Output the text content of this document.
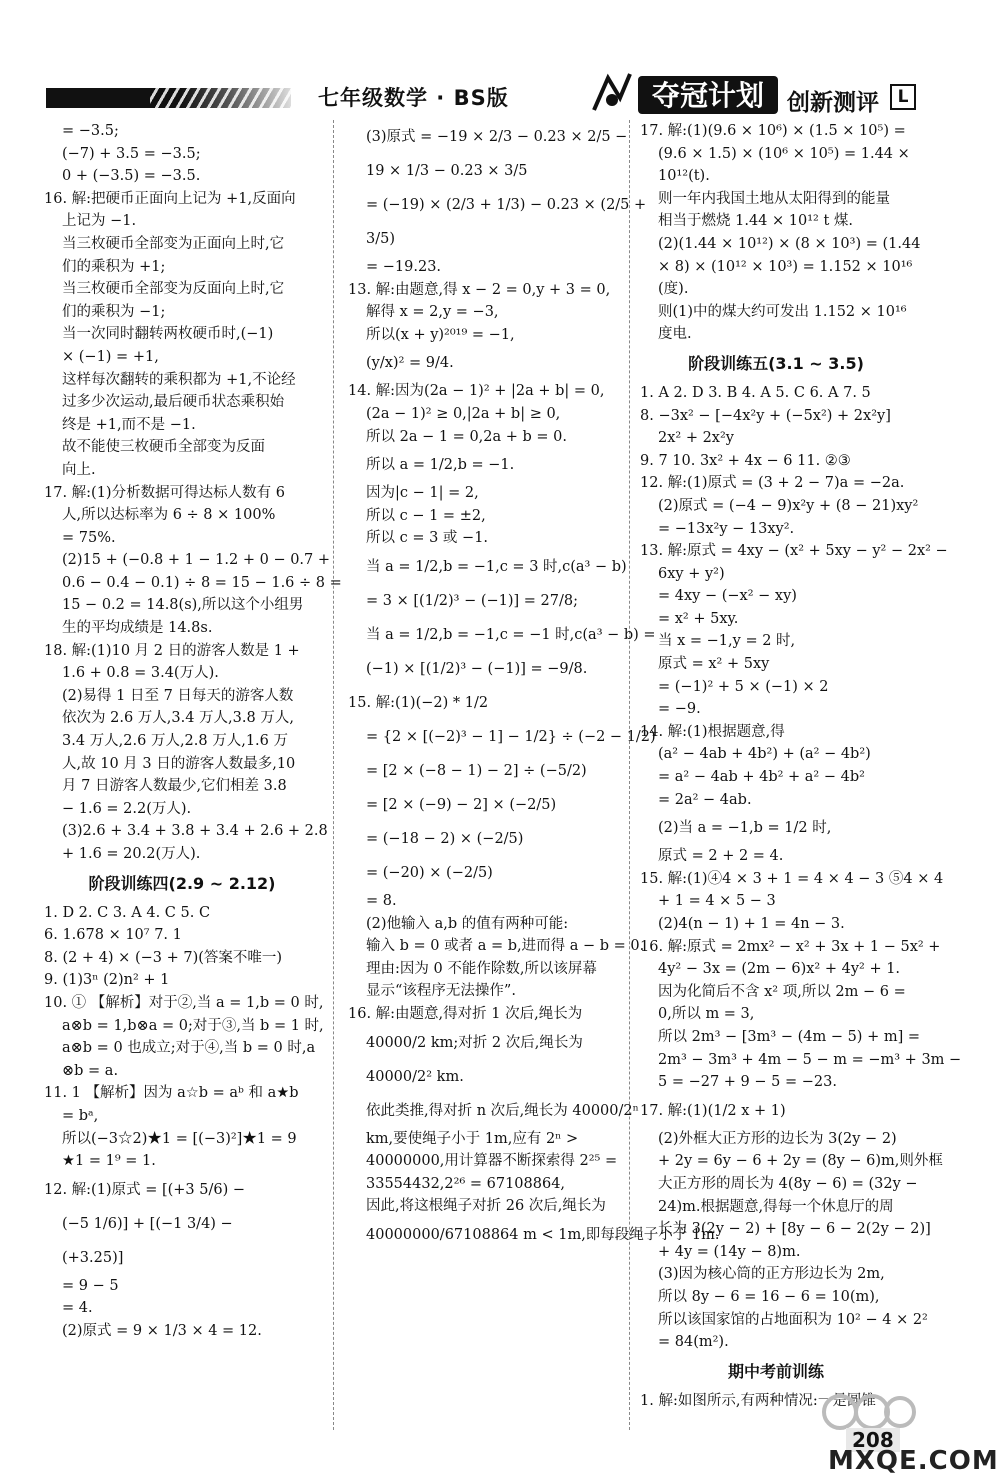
七年级数学 · BS版	夺冠计划 创新测评	L
= −3.5;
(−7) + 3.5 = −3.5;
0 + (−3.5) = −3.5.
16. 解:把硬币正面向上记为 +1,反面向
上记为 −1.
当三枚硬币全部变为正面向上时,它
们的乘积为 +1;
当三枚硬币全部变为反面向上时,它
们的乘积为 −1;
当一次同时翻转两枚硬币时,(−1)
× (−1) = +1,
这样每次翻转的乘积都为 +1,不论经
过多少次运动,最后硬币状态乘积始
终是 +1,而不是 −1.
故不能使三枚硬币全部变为反面
向上.
17. 解:(1)分析数据可得达标人数有 6
人,所以达标率为 6 ÷ 8 × 100%
= 75%.
(2)15 + (−0.8 + 1 − 1.2 + 0 − 0.7 +
0.6 − 0.4 − 0.1) ÷ 8 = 15 − 1.6 ÷ 8 =
15 − 0.2 = 14.8(s),所以这个小组男
生的平均成绩是 14.8s.
18. 解:(1)10 月 2 日的游客人数是 1 +
1.6 + 0.8 = 3.4(万人).
(2)易得 1 日至 7 日每天的游客人数
依次为 2.6 万人,3.4 万人,3.8 万人,
3.4 万人,2.6 万人,2.8 万人,1.6 万
人,故 10 月 3 日的游客人数最多,10
月 7 日游客人数最少,它们相差 3.8
− 1.6 = 2.2(万人).
(3)2.6 + 3.4 + 3.8 + 3.4 + 2.6 + 2.8
+ 1.6 = 20.2(万人).
阶段训练四(2.9 ~ 2.12)
1. D 2. C 3. A 4. C 5. C
6. 1.678 × 10⁷ 7. 1
8. (2 + 4) × (−3 + 7)(答案不唯一)
9. (1)3ⁿ (2)n² + 1
10. ① 【解析】对于②,当 a = 1,b = 0 时,
a⊗b = 1,b⊗a = 0;对于③,当 b = 1 时,
a⊗b = 0 也成立;对于④,当 b = 0 时,a
⊗b = a.
11. 1 【解析】因为 a☆b = aᵇ 和 a★b
= bᵃ,
所以(−3☆2)★1 = [(−3)²]★1 = 9
★1 = 1⁹ = 1.
12. 解:(1)原式 = [(+3 5/6) −
(−5 1/6)] + [(−1 3/4) −
(+3.25)]
= 9 − 5
= 4.
(2)原式 = 9 × 1/3 × 4 = 12.
(3)原式 = −19 × 2/3 − 0.23 × 2/5 −
19 × 1/3 − 0.23 × 3/5
= (−19) × (2/3 + 1/3) − 0.23 × (2/5 +
3/5)
= −19.23.
13. 解:由题意,得 x − 2 = 0,y + 3 = 0,
解得 x = 2,y = −3,
所以(x + y)²⁰¹⁹ = −1,
(y/x)² = 9/4.
14. 解:因为(2a − 1)² + |2a + b| = 0,
(2a − 1)² ≥ 0,|2a + b| ≥ 0,
所以 2a − 1 = 0,2a + b = 0.
所以 a = 1/2,b = −1.
因为|c − 1| = 2,
所以 c − 1 = ±2,
所以 c = 3 或 −1.
当 a = 1/2,b = −1,c = 3 时,c(a³ − b)
= 3 × [(1/2)³ − (−1)] = 27/8;
当 a = 1/2,b = −1,c = −1 时,c(a³ − b) =
(−1) × [(1/2)³ − (−1)] = −9/8.
15. 解:(1)(−2) * 1/2
= {2 × [(−2)³ − 1] − 1/2} ÷ (−2 − 1/2)
= [2 × (−8 − 1) − 2] ÷ (−5/2)
= [2 × (−9) − 2] × (−2/5)
= (−18 − 2) × (−2/5)
= (−20) × (−2/5)
= 8.
(2)他输入 a,b 的值有两种可能:
输入 b = 0 或者 a = b,进而得 a − b = 0.
理由:因为 0 不能作除数,所以该屏幕
显示“该程序无法操作”.
16. 解:由题意,得对折 1 次后,绳长为
40000/2 km;对折 2 次后,绳长为
40000/2² km.
依此类推,得对折 n 次后,绳长为 40000/2ⁿ
km,要使绳子小于 1m,应有 2ⁿ >
40000000,用计算器不断探索得 2²⁵ =
33554432,2²⁶ = 67108864,
因此,将这根绳子对折 26 次后,绳长为
40000000/67108864 m < 1m,即每段绳子小于 1m.
17. 解:(1)(9.6 × 10⁶) × (1.5 × 10⁵) =
(9.6 × 1.5) × (10⁶ × 10⁵) = 1.44 ×
10¹²(t).
则一年内我国土地从太阳得到的能量
相当于燃烧 1.44 × 10¹² t 煤.
(2)(1.44 × 10¹²) × (8 × 10³) = (1.44
× 8) × (10¹² × 10³) = 1.152 × 10¹⁶
(度).
则(1)中的煤大约可发出 1.152 × 10¹⁶
度电.
阶段训练五(3.1 ~ 3.5)
1. A 2. D 3. B 4. A 5. C 6. A 7. 5
8. −3x² − [−4x²y + (−5x²) + 2x²y]
2x² + 2x²y
9. 7 10. 3x² + 4x − 6 11. ②③
12. 解:(1)原式 = (3 + 2 − 7)a = −2a.
(2)原式 = (−4 − 9)x²y + (8 − 21)xy²
= −13x²y − 13xy².
13. 解:原式 = 4xy − (x² + 5xy − y² − 2x² −
6xy + y²)
= 4xy − (−x² − xy)
= x² + 5xy.
当 x = −1,y = 2 时,
原式 = x² + 5xy
= (−1)² + 5 × (−1) × 2
= −9.
14. 解:(1)根据题意,得
(a² − 4ab + 4b²) + (a² − 4b²)
= a² − 4ab + 4b² + a² − 4b²
= 2a² − 4ab.
(2)当 a = −1,b = 1/2 时,
原式 = 2 + 2 = 4.
15. 解:(1)④4 × 3 + 1 = 4 × 4 − 3 ⑤4 × 4
+ 1 = 4 × 5 − 3
(2)4(n − 1) + 1 = 4n − 3.
16. 解:原式 = 2mx² − x² + 3x + 1 − 5x² +
4y² − 3x = (2m − 6)x² + 4y² + 1.
因为化简后不含 x² 项,所以 2m − 6 =
0,所以 m = 3,
所以 2m³ − [3m³ − (4m − 5) + m] =
2m³ − 3m³ + 4m − 5 − m = −m³ + 3m −
5 = −27 + 9 − 5 = −23.
17. 解:(1)(1/2 x + 1)
(2)外框大正方形的边长为 3(2y − 2)
+ 2y = 6y − 6 + 2y = (8y − 6)m,则外框
大正方形的周长为 4(8y − 6) = (32y −
24)m.根据题意,得每一个休息厅的周
长为 3(2y − 2) + [8y − 6 − 2(2y − 2)]
+ 4y = (14y − 8)m.
(3)因为核心筒的正方形边长为 2m,
所以 8y − 6 = 16 − 6 = 10(m),
所以该国家馆的占地面积为 10² − 4 × 2²
= 84(m²).
期中考前训练
1. 解:如图所示,有两种情况:一是圆锥
208
MXQE.COM
